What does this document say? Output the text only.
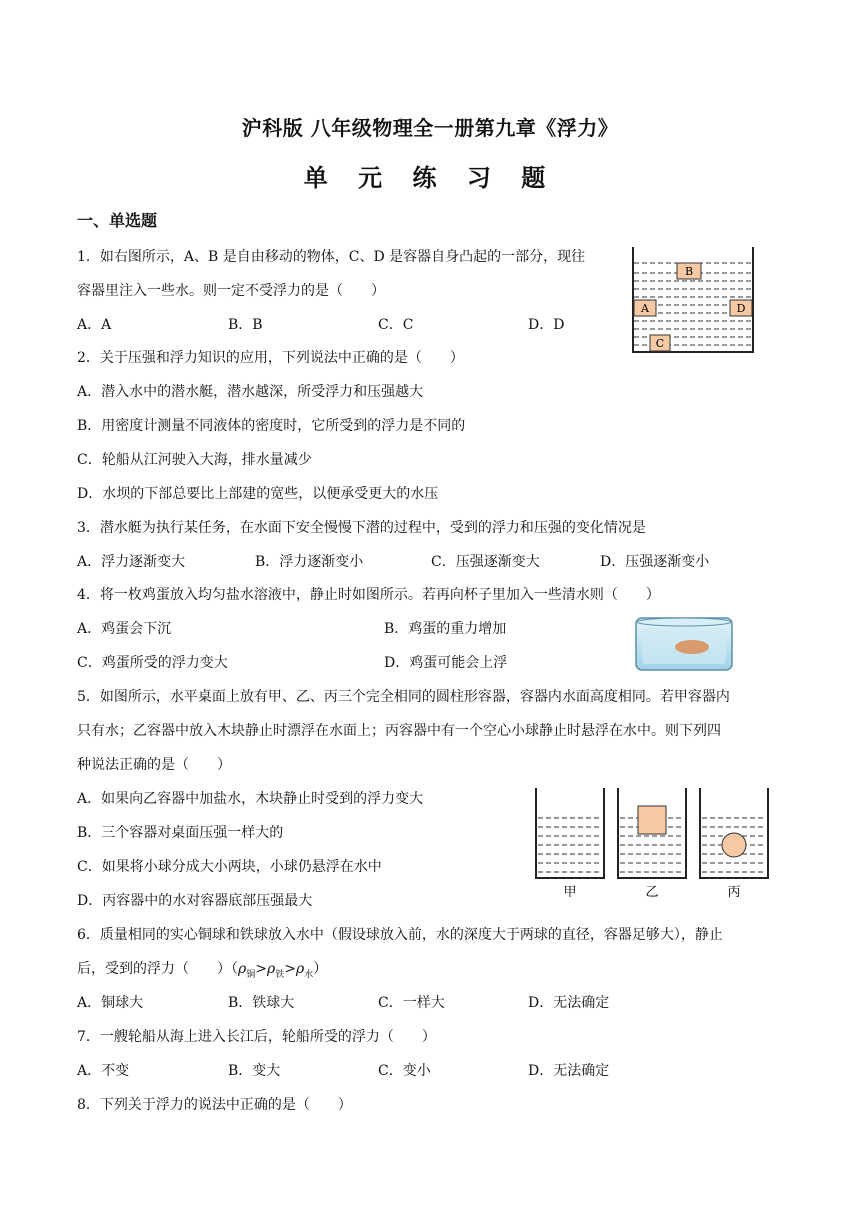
沪科版 八年级物理全一册第九章《浮力》
单 元 练 习 题
一、单选题
1．如右图所示，A、B 是自由移动的物体，C、D 是容器自身凸起的一部分，现往
容器里注入一些水。则一定不受浮力的是（　　）
A．A	B．B	C．C	D．D
B
A	D
C
2．关于压强和浮力知识的应用，下列说法中正确的是（　　）
A．潜入水中的潜水艇，潜水越深，所受浮力和压强越大
B．用密度计测量不同液体的密度时，它所受到的浮力是不同的
C．轮船从江河驶入大海，排水量减少
D．水坝的下部总要比上部建的宽些，以便承受更大的水压
3．潜水艇为执行某任务，在水面下安全慢慢下潜的过程中，受到的浮力和压强的变化情况是
A．浮力逐渐变大	B．浮力逐渐变小	C．压强逐渐变大	D．压强逐渐变小
4．将一枚鸡蛋放入均匀盐水溶液中，静止时如图所示。若再向杯子里加入一些清水则（　　）
A．鸡蛋会下沉	B．鸡蛋的重力增加
C．鸡蛋所受的浮力变大	D．鸡蛋可能会上浮
5．如图所示，水平桌面上放有甲、乙、丙三个完全相同的圆柱形容器，容器内水面高度相同。若甲容器内
只有水；乙容器中放入木块静止时漂浮在水面上；丙容器中有一个空心小球静止时悬浮在水中。则下列四
种说法正确的是（　　）
A．如果向乙容器中加盐水，木块静止时受到的浮力变大
B．三个容器对桌面压强一样大的
C．如果将小球分成大小两块，小球仍悬浮在水中
D．丙容器中的水对容器底部压强最大
甲	乙	丙
6．质量相同的实心铜球和铁球放入水中（假设球放入前，水的深度大于两球的直径，容器足够大），静止
后，受到的浮力（　　）$(\rho_铜>\rho_铁>\rho_水)$
A．铜球大	B．铁球大	C．一样大	D．无法确定
7．一艘轮船从海上进入长江后，轮船所受的浮力（　　）
A．不变	B．变大	C．变小	D．无法确定
8．下列关于浮力的说法中正确的是（　　）
